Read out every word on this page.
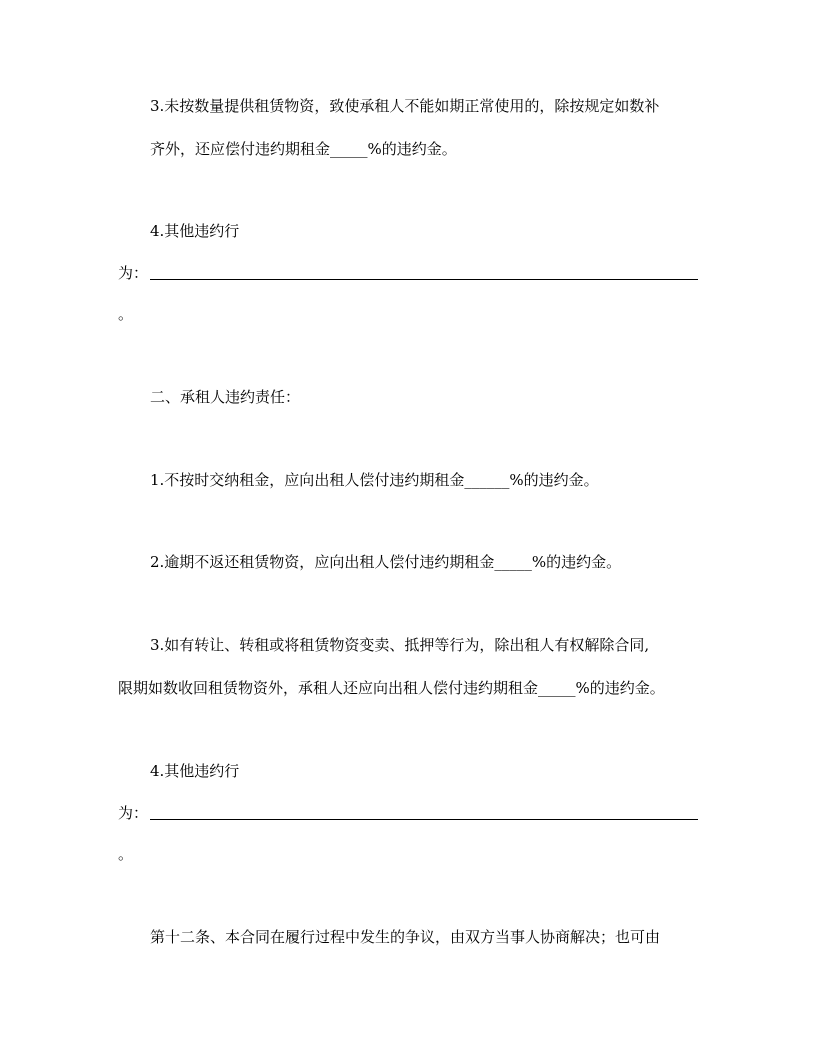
3.未按数量提供租赁物资，致使承租人不能如期正常使用的，除按规定如数补
齐外，还应偿付违约期租金_____%的违约金。
4.其他违约行
为：
。
二、承租人违约责任：
1.不按时交纳租金，应向出租人偿付违约期租金______%的违约金。
2.逾期不返还租赁物资，应向出租人偿付违约期租金_____%的违约金。
3.如有转让、转租或将租赁物资变卖、抵押等行为，除出租人有权解除合同,
限期如数收回租赁物资外，承租人还应向出租人偿付违约期租金_____%的违约金。
4.其他违约行
为：
。
第十二条、本合同在履行过程中发生的争议，由双方当事人协商解决；也可由
